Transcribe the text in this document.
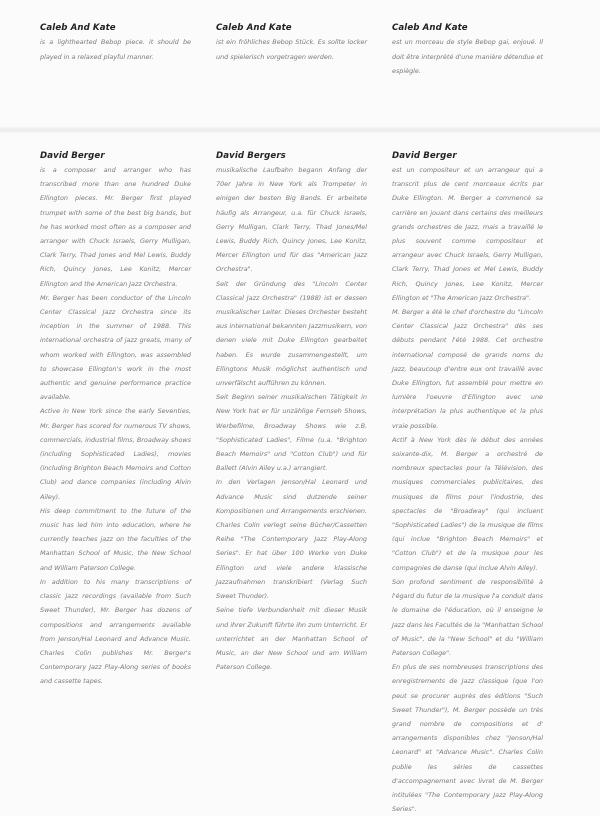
Caleb And Kate

is a lighthearted Bebop piece. it should be played in a relaxed playful manner.

Caleb And Kate

ist ein fröhliches Bebop Stück. Es sollte locker und spielerisch vorgetragen werden.

Caleb And Kate

est un morceau de style Bebop gai, enjoué. Il doit être interprété d'une manière détendue et espiègle.

David Berger

is a composer and arranger who has transcribed more than one hundred Duke Ellington pieces. Mr. Berger first played trumpet with some of the best big bands, but he has worked most often as a composer and arranger with Chuck Israels, Gerry Mulligan, Clark Terry, Thad Jones and Mel Lewis, Buddy Rich, Quincy Jones, Lee Konitz, Mercer Ellington and the American Jazz Orchestra.

Mr. Berger has been conductor of the Lincoln Center Classical Jazz Orchestra since its inception in the summer of 1988. This international orchestra of jazz greats, many of whom worked with Ellington, was assembled to showcase Ellington's work in the most authentic and genuine performance practice available.

Active in New York since the early Seventies, Mr. Berger has scored for numerous TV shows, commercials, industrial films, Broadway shows (including Sophisticated Ladies), movies (including Brighton Beach Memoirs and Cotton Club) and dance companies (including Alvin Ailey).

His deep commitment to the future of the music has led him into education, where he currently teaches jazz on the faculties of the Manhattan School of Music, the New School and William Paterson College.

In addition to his many transcriptions of classic jazz recordings (available from Such Sweet Thunder), Mr. Berger has dozens of compositions and arrangements available from Jenson/Hal Leonard and Advance Music. Charles Colin publishes Mr. Berger's Contemporary Jazz Play-Along series of books and cassette tapes.

David Bergers

musikalische Laufbahn begann Anfang der 70er Jahre in New York als Trompeter in einigen der besten Big Bands. Er arbeitete häufig als Arrangeur, u.a. für Chuck Israels, Gerry Mulligan, Clark Terry, Thad Jones/Mel Lewis, Buddy Rich, Quincy Jones, Lee Konitz, Mercer Ellington und für das "American Jazz Orchestra".

Seit der Gründung des "Lincoln Center Classical Jazz Orchestra" (1988) ist er dessen musikalischer Leiter. Dieses Orchester besteht aus international bekannten Jazzmusikern, von denen viele mit Duke Ellington gearbeitet haben. Es wurde zusammengestellt, um Ellingtons Musik möglichst authentisch und unverfälscht aufführen zu können.

Seit Beginn seiner musikalischen Tätigkeit in New York hat er für unzählige Fernseh Shows, Werbefilme, Broadway Shows wie z.B. "Sophisticated Ladies", Filme (u.a. "Brighton Beach Memoirs" und "Cotton Club") und für Ballett (Alvin Ailey u.a.) arrangiert.

In den Verlagen Jenson/Hal Leonard und Advance Music sind dutzende seiner Kompositionen und Arrangements erschienen. Charles Colin verlegt seine Bücher/Cassetten Reihe "The Contemporary Jazz Play-Along Series". Er hat über 100 Werke von Duke Ellington und viele andere klassische Jazzaufnahmen transkribiert (Verlag Such Sweet Thunder).

Seine tiefe Verbundenheit mit dieser Musik und ihrer Zukunft führte ihn zum Unterricht. Er unterrichtet an der Manhattan School of Music, an der New School und am William Paterson College.

David Berger

est un compositeur et un arrangeur qui a transcrit plus de cent morceaux écrits par Duke Ellington. M. Berger a commencé sa carrière en jouant dans certains des meilleurs grands orchestres de Jazz, mais a travaillé le plus souvent comme compositeur et arrangeur avec Chuck Israels, Gerry Mulligan, Clark Terry, Thad Jones et Mel Lewis, Buddy Rich, Quincy Jones, Lee Konitz, Mercer Ellington et "The American Jazz Orchestra".

M. Berger a été le chef d'orchestre du "Lincoln Center Classical Jazz Orchestra" dès ses débuts pendant l'été 1988. Cet orchestre international composé de grands noms du Jazz, beaucoup d'entre eux ont travaillé avec Duke Ellington, fut assemblé pour mettre en lumière l'oeuvre d'Ellington avec une interprétation la plus authentique et la plus vraie possible.

Actif à New York dès le début des années soixante-dix, M. Berger a orchestré de nombreux spectacles pour la Télévision, des musiques commerciales publicitaires, des musiques de films pour l'industrie, des spectacles de "Broadway" (qui incluent "Sophisticated Ladies") de la musique de films (qui inclue "Brighton Beach Memoirs" et "Cotton Club") et de la musique pour les compagnies de danse (qui inclue Alvin Ailey).

Son profond sentiment de responsibilité à l'égard du futur de la musique l'a conduit dans le domaine de l'éducation, où il enseigne le Jazz dans les Facultés de la "Manhattan School of Music", de la "New School" et du "William Paterson College".

En plus de ses nombreuses transcriptions des enregistrements de Jazz classique (que l'on peut se procurer auprès des éditions "Such Sweet Thunder"), M. Berger possède un très grand nombre de compositions et d' arrangements disponibles chez "Jenson/Hal Leonard" et "Advance Music". Charles Colin publie les séries de cassettes d'accompagnement avec livret de M. Berger intitulées "The Contemporary Jazz Play-Along Series".
